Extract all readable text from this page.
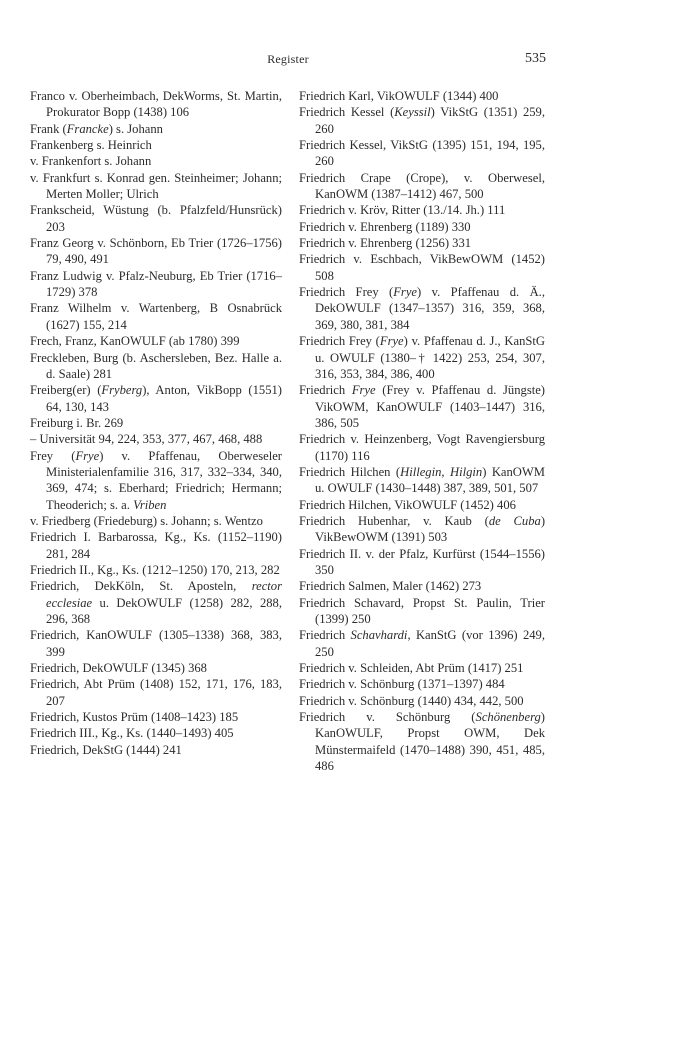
Register	535

Franco v. Oberheimbach, DekWorms, St. Martin, Prokurator Bopp (1438) 106

Frank (Francke) s. Johann

Frankenberg s. Heinrich

v. Frankenfort s. Johann

v. Frankfurt s. Konrad gen. Steinheimer; Johann; Merten Moller; Ulrich

Frankscheid, Wüstung (b. Pfalzfeld/Hunsrück) 203

Franz Georg v. Schönborn, Eb Trier (1726–1756) 79, 490, 491

Franz Ludwig v. Pfalz-Neuburg, Eb Trier (1716–1729) 378

Franz Wilhelm v. Wartenberg, B Osnabrück (1627) 155, 214

Frech, Franz, KanOWULF (ab 1780) 399

Freckleben, Burg (b. Aschersleben, Bez. Halle a. d. Saale) 281

Freiberg(er) (Fryberg), Anton, VikBopp (1551) 64, 130, 143

Freiburg i. Br. 269

– Universität 94, 224, 353, 377, 467, 468, 488

Frey (Frye) v. Pfaffenau, Oberweseler Ministerialenfamilie 316, 317, 332–334, 340, 369, 474; s. Eberhard; Friedrich; Hermann; Theoderich; s. a. Vriben

v. Friedberg (Friedeburg) s. Johann; s. Wentzo

Friedrich I. Barbarossa, Kg., Ks. (1152–1190) 281, 284

Friedrich II., Kg., Ks. (1212–1250) 170, 213, 282

Friedrich, DekKöln, St. Aposteln, rector ecclesiae u. DekOWULF (1258) 282, 288, 296, 368

Friedrich, KanOWULF (1305–1338) 368, 383, 399

Friedrich, DekOWULF (1345) 368

Friedrich, Abt Prüm (1408) 152, 171, 176, 183, 207

Friedrich, Kustos Prüm (1408–1423) 185

Friedrich III., Kg., Ks. (1440–1493) 405

Friedrich, DekStG (1444) 241

Friedrich Karl, VikOWULF (1344) 400

Friedrich Kessel (Keyssil) VikStG (1351) 259, 260

Friedrich Kessel, VikStG (1395) 151, 194, 195, 260

Friedrich Crape (Crope), v. Oberwesel, KanOWM (1387–1412) 467, 500

Friedrich v. Kröv, Ritter (13./14. Jh.) 111

Friedrich v. Ehrenberg (1189) 330

Friedrich v. Ehrenberg (1256) 331

Friedrich v. Eschbach, VikBewOWM (1452) 508

Friedrich Frey (Frye) v. Pfaffenau d. Ä., DekOWULF (1347–1357) 316, 359, 368, 369, 380, 381, 384

Friedrich Frey (Frye) v. Pfaffenau d. J., KanStG u. OWULF (1380–† 1422) 253, 254, 307, 316, 353, 384, 386, 400

Friedrich Frye (Frey v. Pfaffenau d. Jüngste) VikOWM, KanOWULF (1403–1447) 316, 386, 505

Friedrich v. Heinzenberg, Vogt Ravengiersburg (1170) 116

Friedrich Hilchen (Hillegin, Hilgin) KanOWM u. OWULF (1430–1448) 387, 389, 501, 507

Friedrich Hilchen, VikOWULF (1452) 406

Friedrich Hubenhar, v. Kaub (de Cuba) VikBewOWM (1391) 503

Friedrich II. v. der Pfalz, Kurfürst (1544–1556) 350

Friedrich Salmen, Maler (1462) 273

Friedrich Schavard, Propst St. Paulin, Trier (1399) 250

Friedrich Schavhardi, KanStG (vor 1396) 249, 250

Friedrich v. Schleiden, Abt Prüm (1417) 251

Friedrich v. Schönburg (1371–1397) 484

Friedrich v. Schönburg (1440) 434, 442, 500

Friedrich v. Schönburg (Schönenberg) KanOWULF, Propst OWM, Dek Münstermaifeld (1470–1488) 390, 451, 485, 486
